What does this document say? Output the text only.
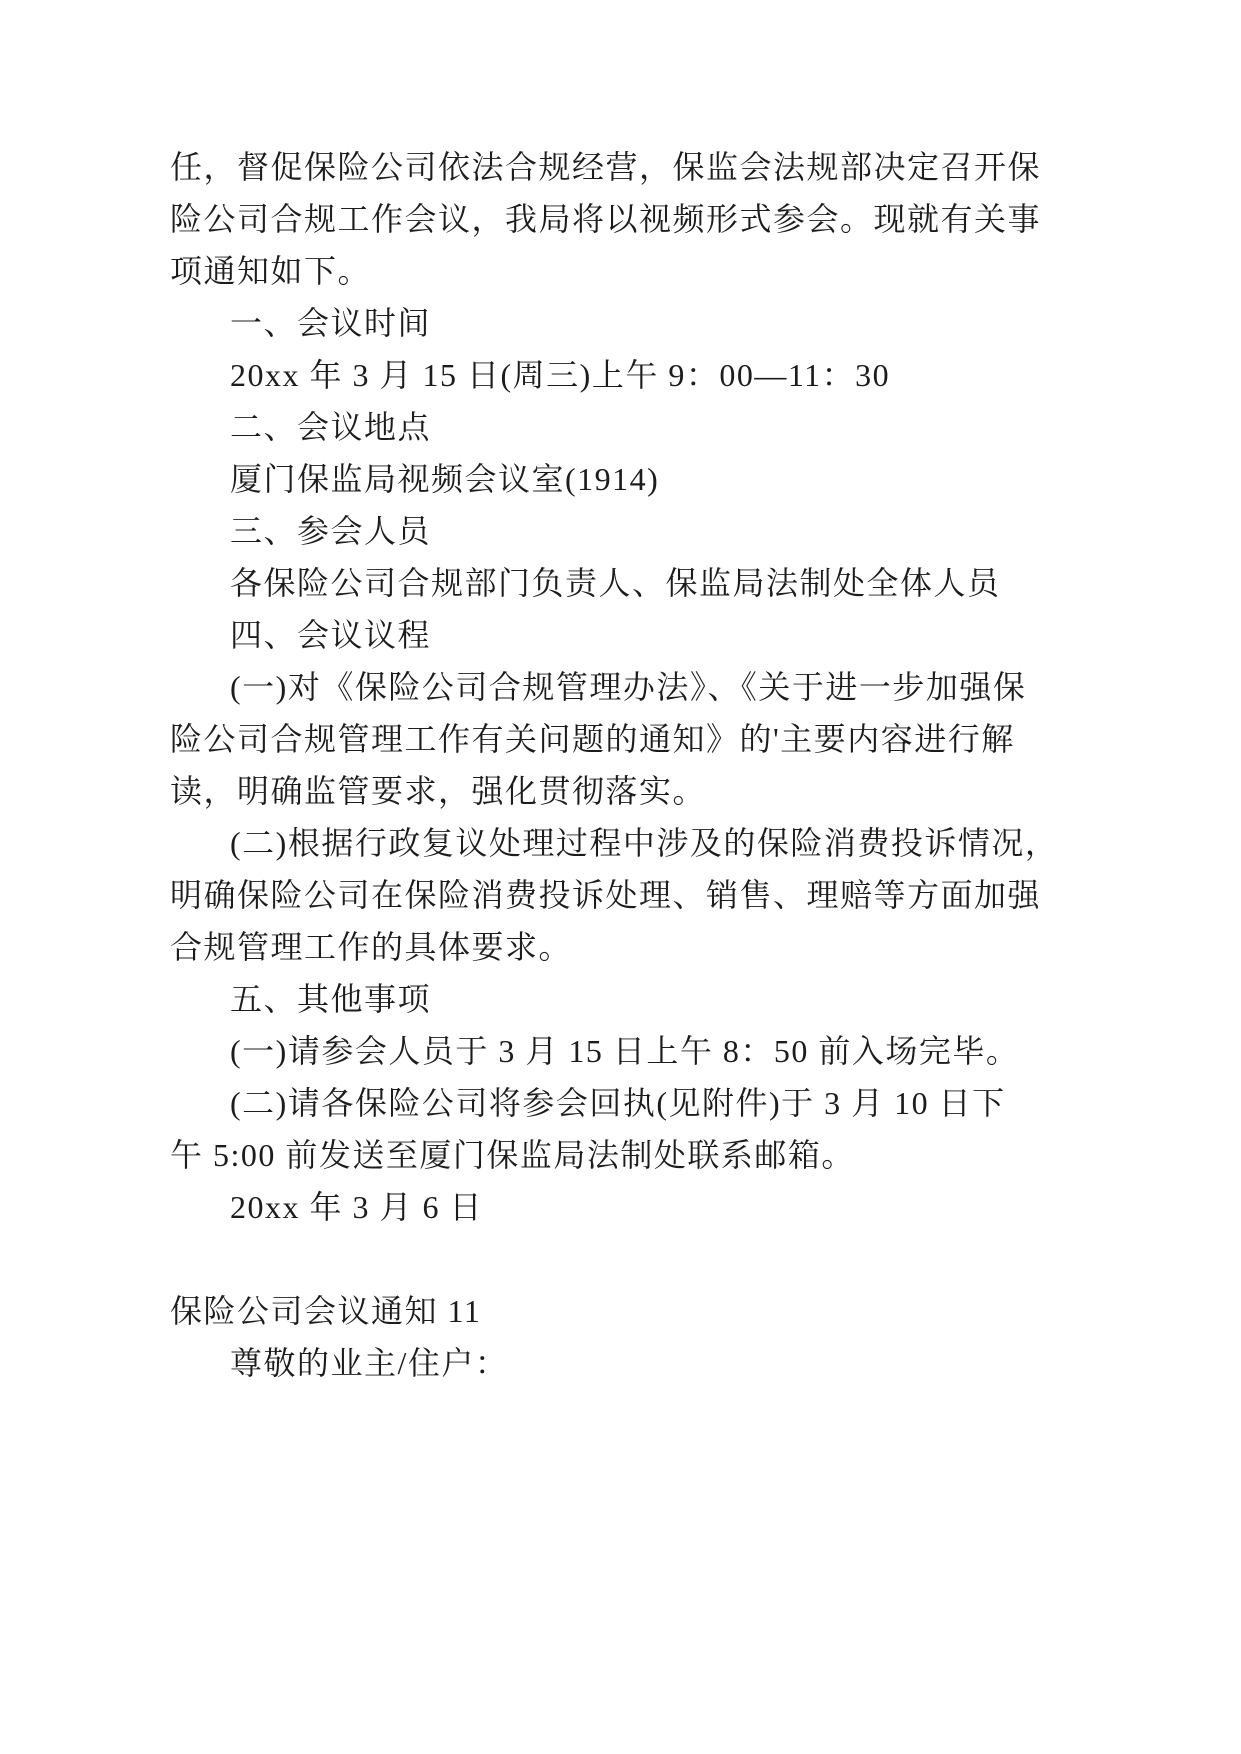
任，督促保险公司依法合规经营，保监会法规部决定召开保
险公司合规工作会议，我局将以视频形式参会。现就有关事
项通知如下。
一、会议时间
20xx 年 3 月 15 日(周三)上午 9：00—11：30
二、会议地点
厦门保监局视频会议室(1914)
三、参会人员
各保险公司合规部门负责人、保监局法制处全体人员
四、会议议程
(一)对《保险公司合规管理办法》、《关于进一步加强保
险公司合规管理工作有关问题的通知》的'主要内容进行解
读，明确监管要求，强化贯彻落实。
(二)根据行政复议处理过程中涉及的保险消费投诉情况，
明确保险公司在保险消费投诉处理、销售、理赔等方面加强
合规管理工作的具体要求。
五、其他事项
(一)请参会人员于 3 月 15 日上午 8：50 前入场完毕。
(二)请各保险公司将参会回执(见附件)于 3 月 10 日下
午 5:00 前发送至厦门保监局法制处联系邮箱。
20xx 年 3 月 6 日
保险公司会议通知 11
尊敬的业主/住户：
